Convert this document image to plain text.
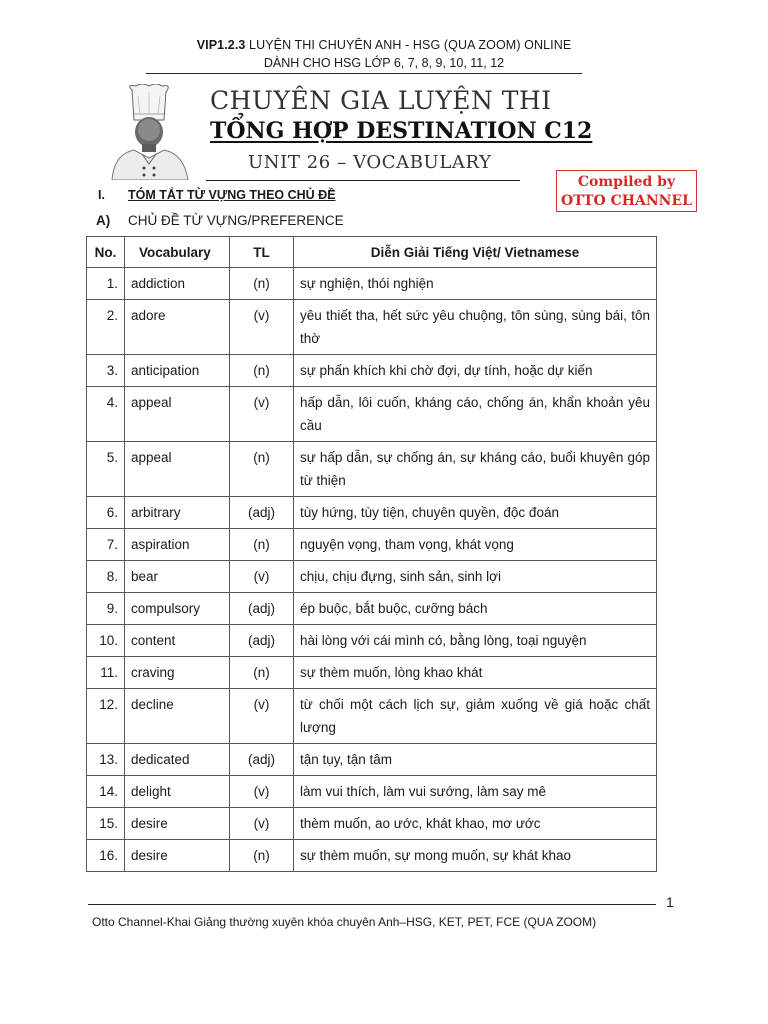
VIP1.2.3 LUYỆN THI CHUYÊN ANH - HSG (QUA ZOOM) ONLINE
DÀNH CHO HSG LỚP 6, 7, 8, 9, 10, 11, 12
CHUYÊN GIA LUYỆN THI
TỔNG HỢP DESTINATION C12
UNIT 26 – VOCABULARY
Compiled by
OTTO CHANNEL
I. TÓM TẮT TỪ VỰNG THEO CHỦ ĐỀ
A) CHỦ ĐỀ TỪ VỰNG/PREFERENCE
No.	Vocabulary	TL	Diễn Giải Tiếng Việt/ Vietnamese
1.	addiction	(n)	sự nghiện, thói nghiện
2.	adore	(v)	yêu thiết tha, hết sức yêu chuộng, tôn sùng, sùng bái, tôn thờ
3.	anticipation	(n)	sự phấn khích khi chờ đợi, dự tính, hoặc dự kiến
4.	appeal	(v)	hấp dẫn, lôi cuốn, kháng cáo, chống án, khẩn khoản yêu cầu
5.	appeal	(n)	sự hấp dẫn, sự chống án, sự kháng cáo, buổi khuyên góp từ thiện
6.	arbitrary	(adj)	tùy hứng, tùy tiện, chuyên quyền, độc đoán
7.	aspiration	(n)	nguyện vọng, tham vọng, khát vọng
8.	bear	(v)	chịu, chịu đựng, sinh sản, sinh lợi
9.	compulsory	(adj)	ép buộc, bắt buộc, cưỡng bách
10.	content	(adj)	hài lòng với cái mình có, bằng lòng, toại nguyện
11.	craving	(n)	sự thèm muốn, lòng khao khát
12.	decline	(v)	từ chối một cách lịch sự, giảm xuống về giá hoặc chất lượng
13.	dedicated	(adj)	tận tụy, tận tâm
14.	delight	(v)	làm vui thích, làm vui sướng, làm say mê
15.	desire	(v)	thèm muốn, ao ước, khát khao, mơ ước
16.	desire	(n)	sự thèm muốn, sự mong muốn, sự khát khao
1
Otto Channel-Khai Giảng thường xuyên khóa chuyên Anh–HSG, KET, PET, FCE (QUA ZOOM)
